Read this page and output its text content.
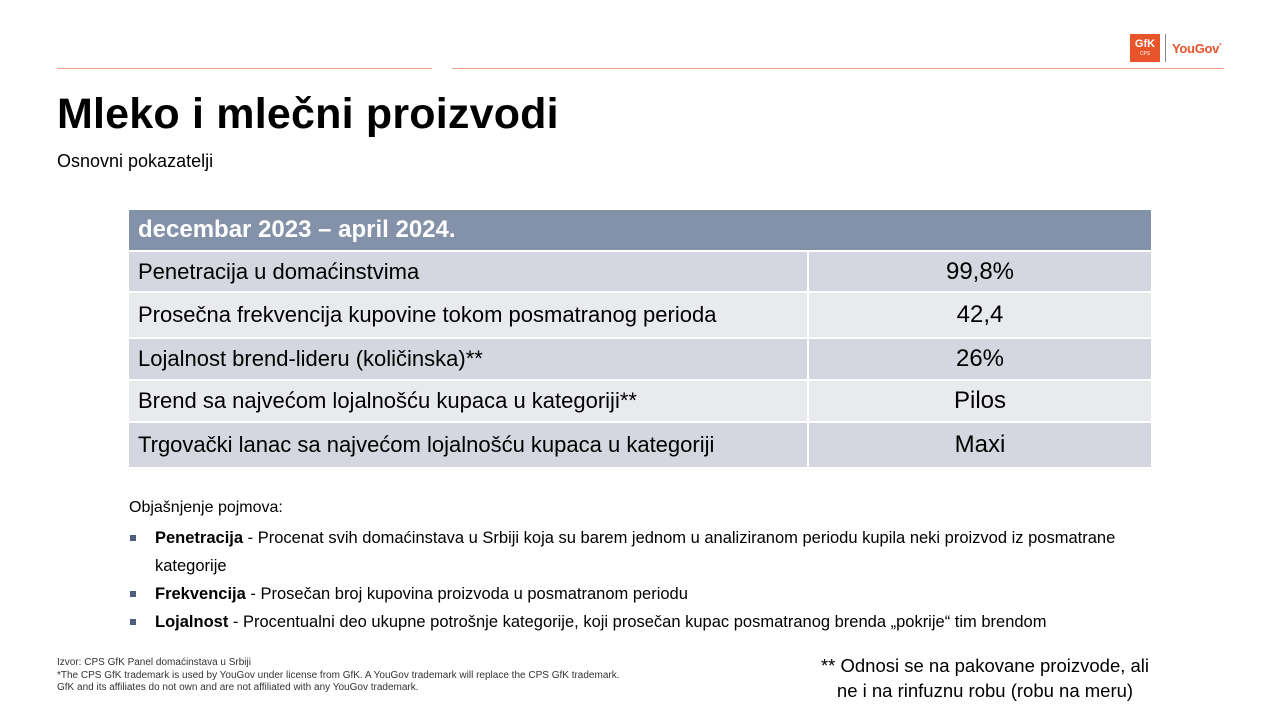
GfK
CPS YouGov*
Mleko i mlečni proizvodi
Osnovni pokazatelji
decembar 2023 – april 2024.	
Penetracija u domaćinstvima	99,8%
Prosečna frekvencija kupovine tokom posmatranog perioda	42,4
Lojalnost brend-lideru (količinska)**	26%
Brend sa najvećom lojalnošću kupaca u kategoriji**	Pilos
Trgovački lanac sa najvećom lojalnošću kupaca u kategoriji	Maxi
Objašnjenje pojmova:
Penetracija - Procenat svih domaćinstava u Srbiji koja su barem jednom u analiziranom periodu kupila neki proizvod iz posmatrane kategorije
Frekvencija - Prosečan broj kupovina proizvoda u posmatranom periodu
Lojalnost - Procentualni deo ukupne potrošnje kategorije, koji prosečan kupac posmatranog brenda „pokrije“ tim brendom
Izvor: CPS GfK Panel domaćinstava u Srbiji
*The CPS GfK trademark is used by YouGov under license from GfK. A YouGov trademark will replace the CPS GfK trademark.
GfK and its affiliates do not own and are not affiliated with any YouGov trademark.
** Odnosi se na pakovane proizvode, ali
ne i na rinfuznu robu (robu na meru)
